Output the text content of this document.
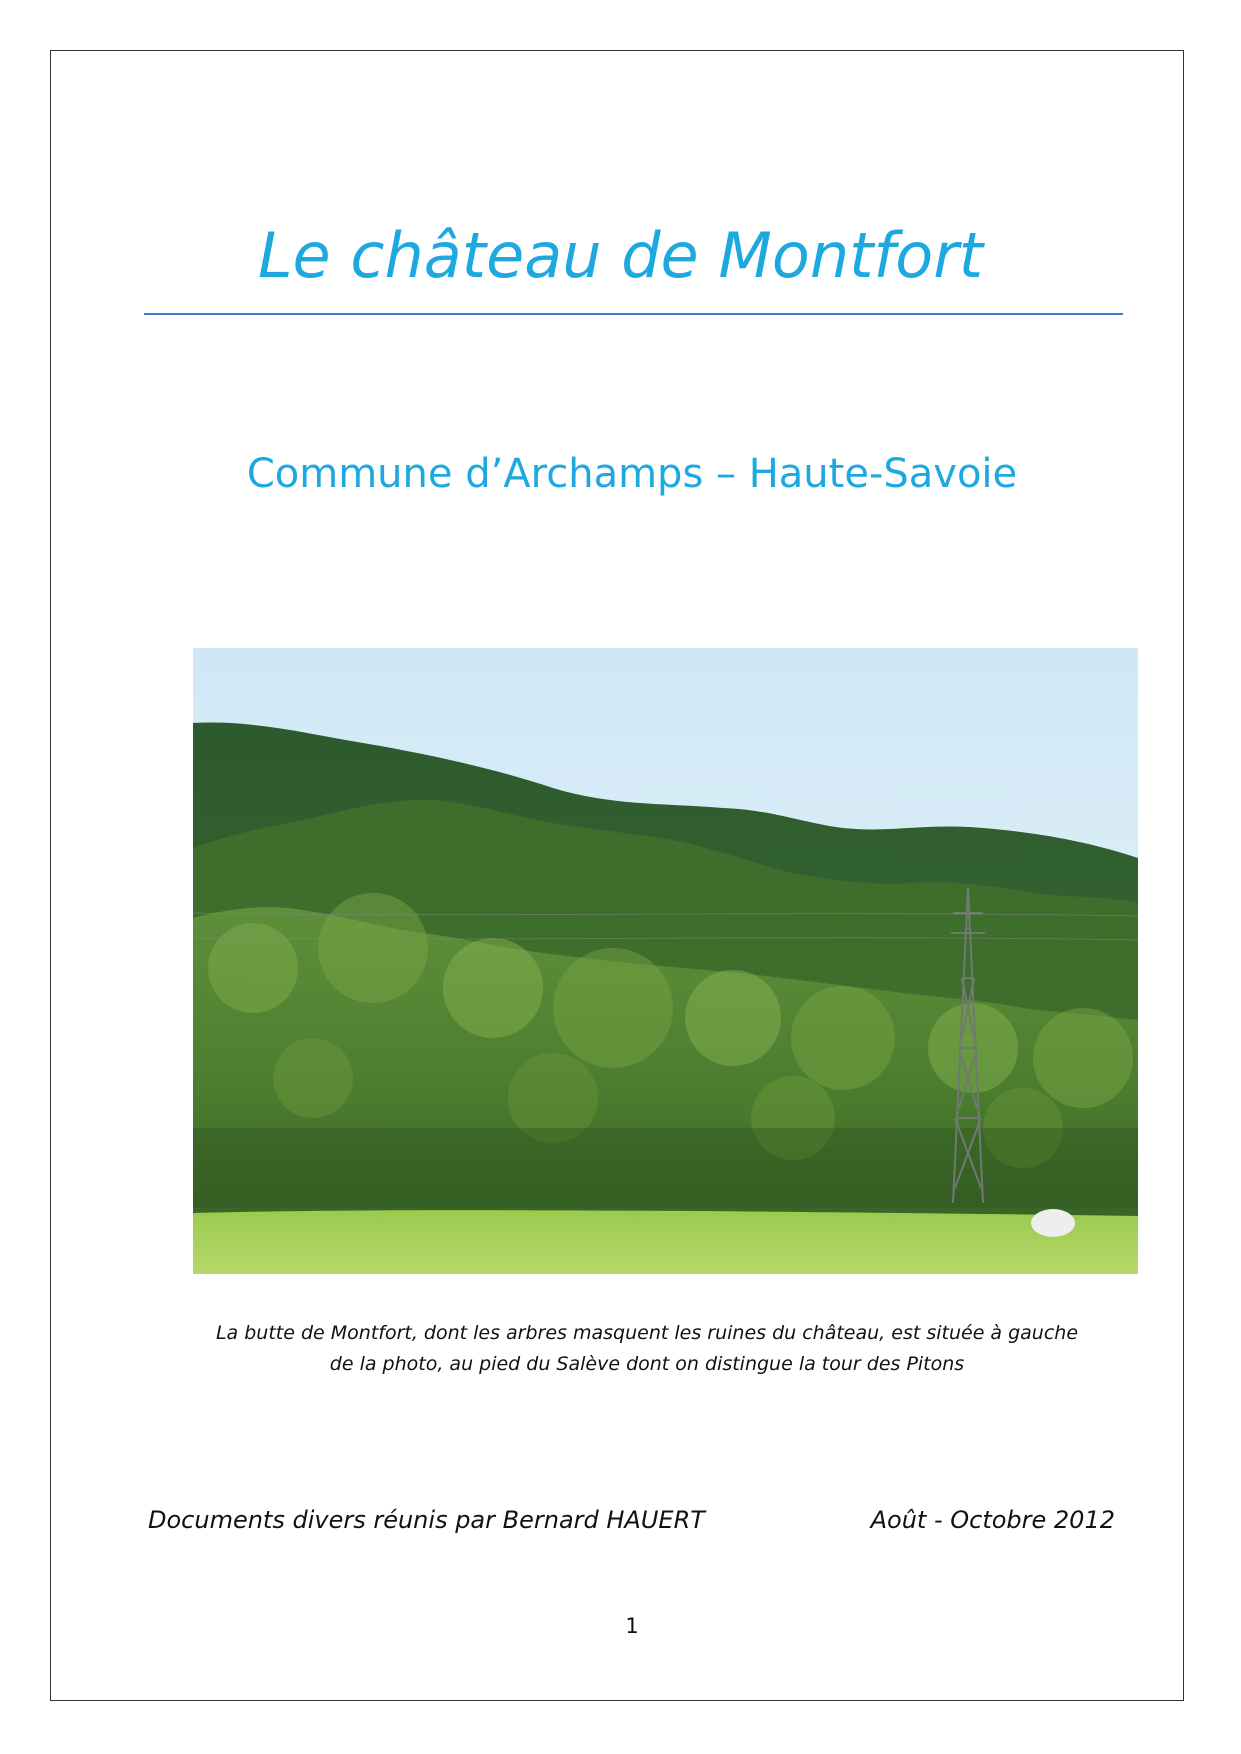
Le château de Montfort
Commune d’Archamps – Haute-Savoie
La butte de Montfort, dont les arbres masquent les ruines du château, est située à gauche
de la photo, au pied du Salève dont on distingue la tour des Pitons
Documents divers réunis par Bernard HAUERT	Août - Octobre 2012
1
